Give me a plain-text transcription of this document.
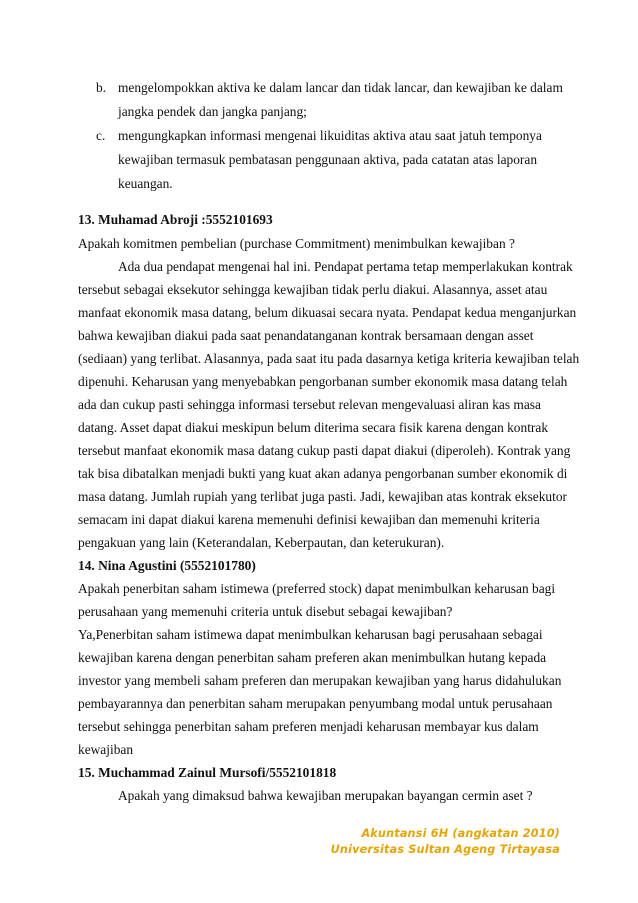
b. mengelompokkan aktiva ke dalam lancar dan tidak lancar, dan kewajiban ke dalam
jangka pendek dan jangka panjang;
c. mengungkapkan informasi mengenai likuiditas aktiva atau saat jatuh temponya
kewajiban termasuk pembatasan penggunaan aktiva, pada catatan atas laporan
keuangan.
13. Muhamad Abroji :5552101693
Apakah komitmen pembelian (purchase Commitment) menimbulkan kewajiban ?
Ada dua pendapat mengenai hal ini. Pendapat pertama tetap memperlakukan kontrak
tersebut sebagai eksekutor sehingga kewajiban tidak perlu diakui. Alasannya, asset atau
manfaat ekonomik masa datang, belum dikuasai secara nyata. Pendapat kedua menganjurkan
bahwa kewajiban diakui pada saat penandatanganan kontrak bersamaan dengan asset
(sediaan) yang terlibat. Alasannya, pada saat itu pada dasarnya ketiga kriteria kewajiban telah
dipenuhi. Keharusan yang menyebabkan pengorbanan sumber ekonomik masa datang telah
ada dan cukup pasti sehingga informasi tersebut relevan mengevaluasi aliran kas masa
datang. Asset dapat diakui meskipun belum diterima secara fisik karena dengan kontrak
tersebut manfaat ekonomik masa datang cukup pasti dapat diakui (diperoleh). Kontrak yang
tak bisa dibatalkan menjadi bukti yang kuat akan adanya pengorbanan sumber ekonomik di
masa datang. Jumlah rupiah yang terlibat juga pasti. Jadi, kewajiban atas kontrak eksekutor
semacam ini dapat diakui karena memenuhi definisi kewajiban dan memenuhi kriteria
pengakuan yang lain (Keterandalan, Keberpautan, dan keterukuran).
14. Nina Agustini (5552101780)
Apakah penerbitan saham istimewa (preferred stock) dapat menimbulkan keharusan bagi
perusahaan yang memenuhi criteria untuk disebut sebagai kewajiban?
Ya,Penerbitan saham istimewa dapat menimbulkan keharusan bagi perusahaan sebagai
kewajiban karena dengan penerbitan saham preferen akan menimbulkan hutang kepada
investor yang membeli saham preferen dan merupakan kewajiban yang harus didahulukan
pembayarannya dan penerbitan saham merupakan penyumbang modal untuk perusahaan
tersebut sehingga penerbitan saham preferen menjadi keharusan membayar kus dalam
kewajiban
15. Muchammad Zainul Mursofi/5552101818
Apakah yang dimaksud bahwa kewajiban merupakan bayangan cermin aset ?
Akuntansi 6H (angkatan 2010)
Universitas Sultan Ageng Tirtayasa
